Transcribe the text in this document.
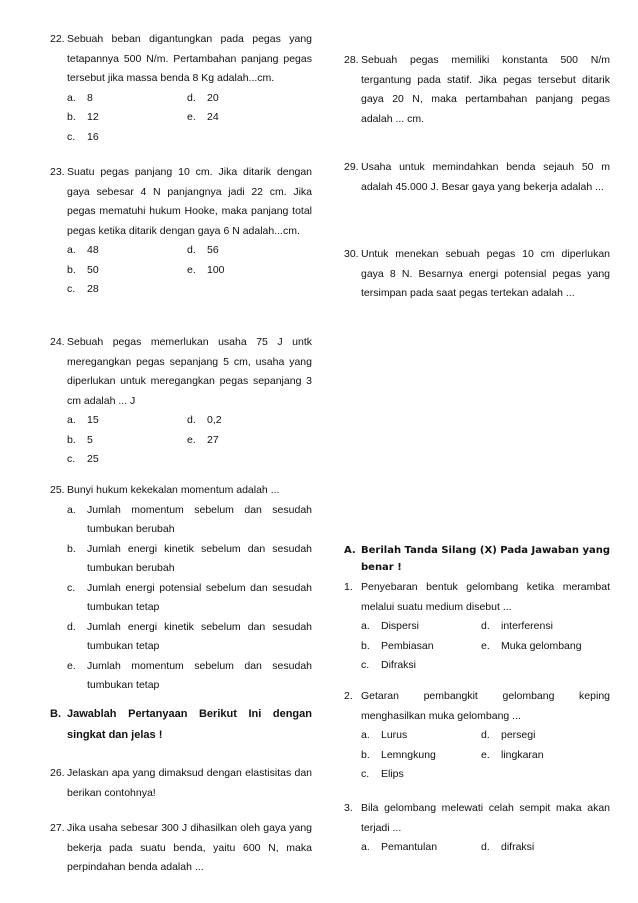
22. Sebuah beban digantungkan pada pegas yang tetapannya 500 N/m. Pertambahan panjang pegas tersebut jika massa benda 8 Kg adalah...cm.
a.	8	d.	20
b.	12	e.	24
c.	16
23. Suatu pegas panjang 10 cm. Jika ditarik dengan gaya sebesar 4 N panjangnya jadi 22 cm. Jika pegas mematuhi hukum Hooke, maka panjang total pegas ketika ditarik dengan gaya 6 N adalah...cm.
a.	48	d.	56
b.	50	e.	100
c.	28
24. Sebuah pegas memerlukan usaha 75 J untk meregangkan pegas sepanjang 5 cm, usaha yang diperlukan untuk meregangkan pegas sepanjang 3 cm adalah ... J
a.	15	d.	0,2
b.	5	e.	27
c.	25
25. Bunyi hukum kekekalan momentum adalah ...
a. Jumlah momentum sebelum dan sesudah tumbukan berubah
b. Jumlah energi kinetik sebelum dan sesudah tumbukan berubah
c. Jumlah energi potensial sebelum dan sesudah tumbukan tetap
d. Jumlah energi kinetik sebelum dan sesudah tumbukan tetap
e. Jumlah momentum sebelum dan sesudah tumbukan tetap
B. Jawablah Pertanyaan Berikut Ini dengan singkat dan jelas !
26. Jelaskan apa yang dimaksud dengan elastisitas dan berikan contohnya!
27. Jika usaha sebesar 300 J dihasilkan oleh gaya yang bekerja pada suatu benda, yaitu 600 N, maka perpindahan benda adalah ...
28. Sebuah pegas memiliki konstanta 500 N/m tergantung pada statif. Jika pegas tersebut ditarik gaya 20 N, maka pertambahan panjang pegas adalah ... cm.
29. Usaha untuk memindahkan benda sejauh 50 m adalah 45.000 J. Besar gaya yang bekerja adalah ...
30. Untuk menekan sebuah pegas 10 cm diperlukan gaya 8 N. Besarnya energi potensial pegas yang tersimpan pada saat pegas tertekan adalah ...
A. Berilah Tanda Silang (X) Pada Jawaban yang benar !
1. Penyebaran bentuk gelombang ketika merambat melalui suatu medium disebut ...
a.	Dispersi	d.	interferensi
b.	Pembiasan	e.	Muka gelombang
c.	Difraksi
2. Getaran pembangkit gelombang keping menghasilkan muka gelombang ...
a.	Lurus	d.	persegi
b.	Lemngkung	e.	lingkaran
c.	Elips
3. Bila gelombang melewati celah sempit maka akan terjadi ...
a.	Pemantulan	d.	difraksi
